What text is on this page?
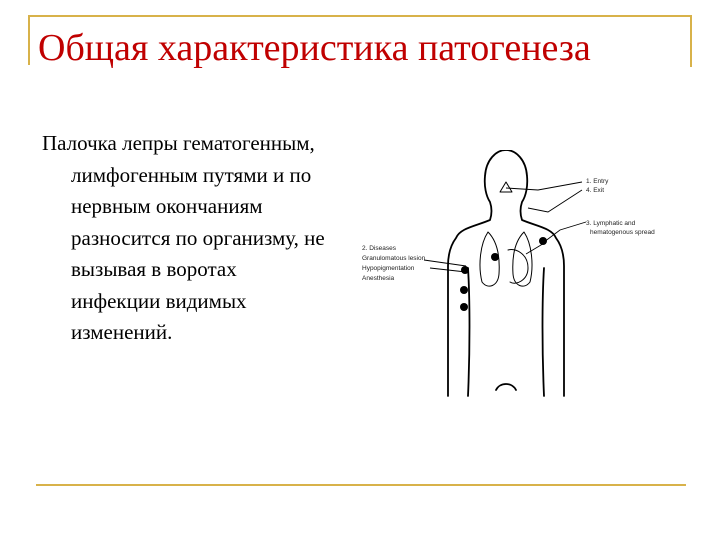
Общая характеристика патогенеза

Палочка лепры гематогенным, лимфогенным путями и по нервным окончаниям разносится по организму, не вызывая в воротах инфекции видимых изменений.

1. Entry
4. Exit
3. Lymphatic and
hematogenous spread
2. Diseases
Granulomatous lesion
Hypopigmentation
Anesthesia
